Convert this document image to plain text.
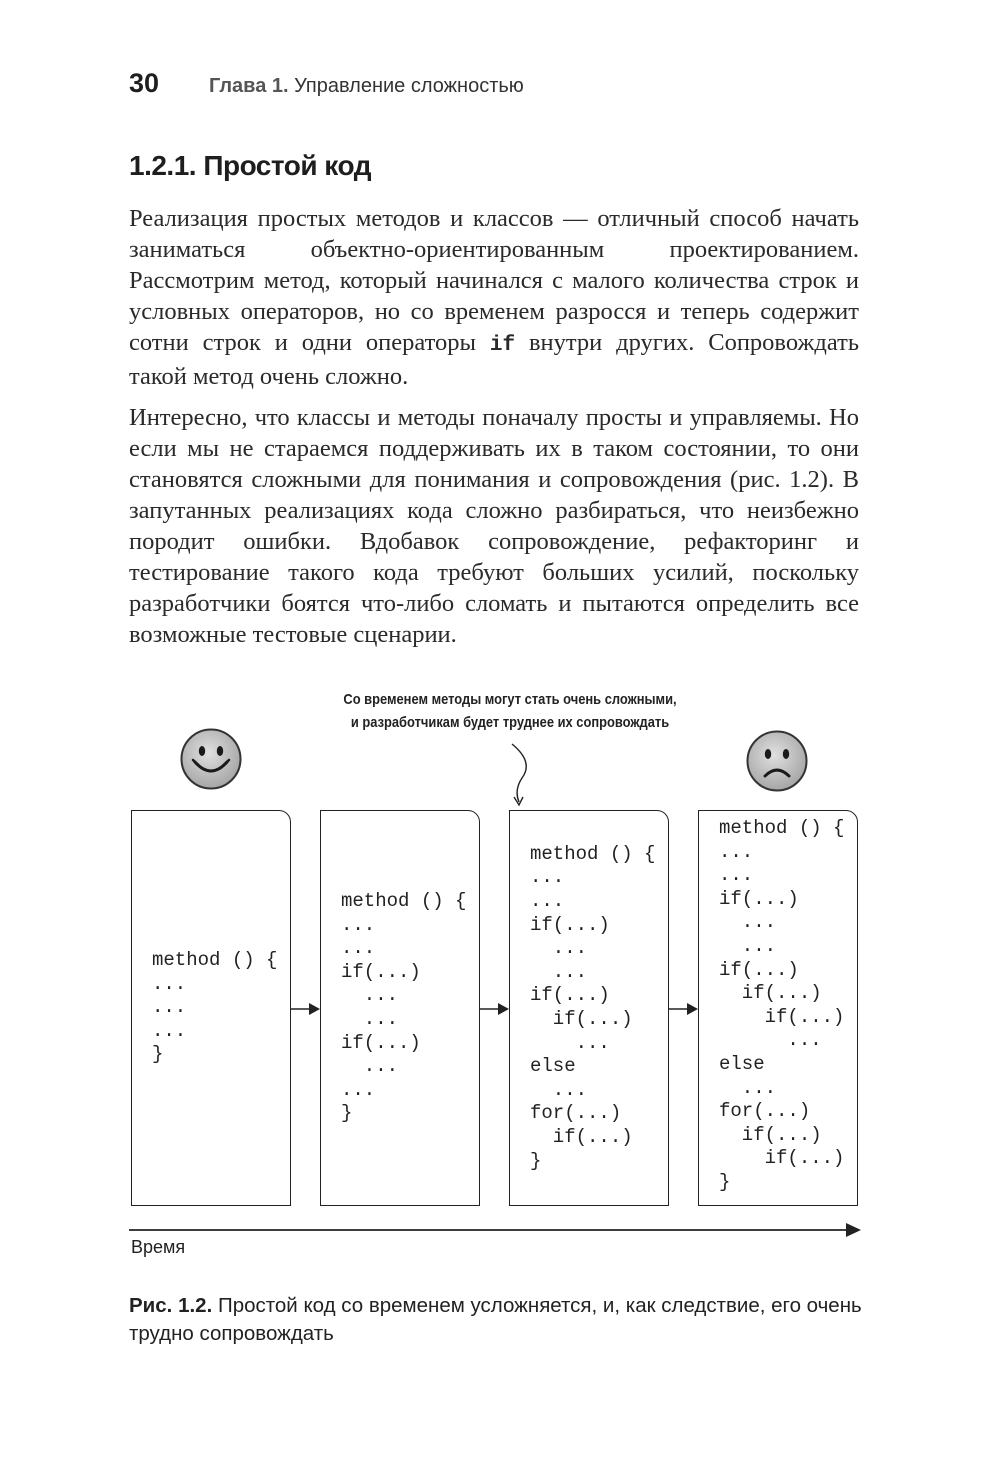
30	Глава 1. Управление сложностью
1.2.1. Простой код

Реализация простых методов и классов — отличный способ начать заниматься объектно-ориентированным проектированием. Рассмотрим метод, который начинался с малого количества строк и условных операторов, но со временем разросся и теперь содержит сотни строк и одни операторы if внутри других. Сопровождать такой метод очень сложно.

Интересно, что классы и методы поначалу просты и управляемы. Но если мы не стараемся поддерживать их в таком состоянии, то они становятся сложными для понимания и сопровождения (рис. 1.2). В запутанных реализациях кода сложно разбираться, что неизбежно породит ошибки. Вдобавок сопровождение, рефакторинг и тестирование такого кода требуют больших усилий, поскольку разработчики боятся что-либо сломать и пытаются определить все возможные тестовые сценарии.

Со временем методы могут стать очень сложными,
и разработчикам будет труднее их сопровождать
method () {
...
...
...
}
method () {
...
...
if(...)
...
...
if(...)
...
...
}
method () {
...
...
if(...)
...
...
if(...)
if(...)
...
else
...
for(...)
if(...)
}
method () {
...
...
if(...)
...
...
if(...)
if(...)
if(...)
...
else
...
for(...)
if(...)
if(...)
}
Время
Рис. 1.2. Простой код со временем усложняется, и, как следствие, его очень трудно сопровождать
